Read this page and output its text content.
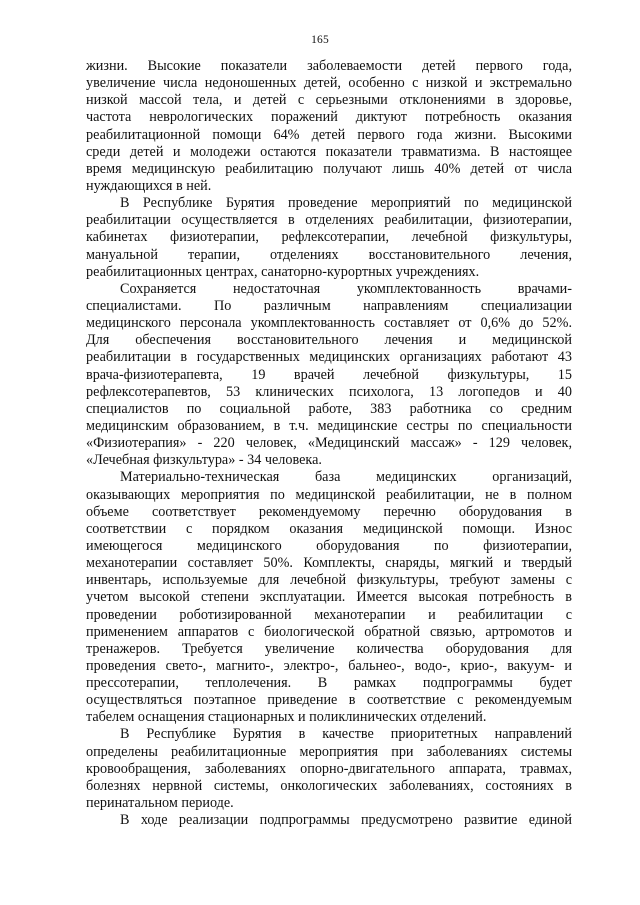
165
жизни. Высокие показатели заболеваемости детей первого года,
увеличение числа недоношенных детей, особенно с низкой и экстремально
низкой массой тела, и детей с серьезными отклонениями в здоровье,
частота неврологических поражений диктуют потребность оказания
реабилитационной помощи 64% детей первого года жизни. Высокими
среди детей и молодежи остаются показатели травматизма. В настоящее
время медицинскую реабилитацию получают лишь 40% детей от числа
нуждающихся в ней.
В Республике Бурятия проведение мероприятий по медицинской
реабилитации осуществляется в отделениях реабилитации, физиотерапии,
кабинетах физиотерапии, рефлексотерапии, лечебной физкультуры,
мануальной терапии, отделениях восстановительного лечения,
реабилитационных центрах, санаторно-курортных учреждениях.
Сохраняется недостаточная укомплектованность врачами-
специалистами. По различным направлениям специализации
медицинского персонала укомплектованность составляет от 0,6% до 52%.
Для обеспечения восстановительного лечения и медицинской
реабилитации в государственных медицинских организациях работают 43
врача-физиотерапевта, 19 врачей лечебной физкультуры, 15
рефлексотерапевтов, 53 клинических психолога, 13 логопедов и 40
специалистов по социальной работе, 383 работника со средним
медицинским образованием, в т.ч. медицинские сестры по специальности
«Физиотерапия» - 220 человек, «Медицинский массаж» - 129 человек,
«Лечебная физкультура» - 34 человека.
Материально-техническая база медицинских организаций,
оказывающих мероприятия по медицинской реабилитации, не в полном
объеме соответствует рекомендуемому перечню оборудования в
соответствии с порядком оказания медицинской помощи. Износ
имеющегося медицинского оборудования по физиотерапии,
механотерапии составляет 50%. Комплекты, снаряды, мягкий и твердый
инвентарь, используемые для лечебной физкультуры, требуют замены с
учетом высокой степени эксплуатации. Имеется высокая потребность в
проведении роботизированной механотерапии и реабилитации с
применением аппаратов с биологической обратной связью, артромотов и
тренажеров. Требуется увеличение количества оборудования для
проведения свето-, магнито-, электро-, бальнео-, водо-, крио-, вакуум- и
прессотерапии, теплолечения. В рамках подпрограммы будет
осуществляться поэтапное приведение в соответствие с рекомендуемым
табелем оснащения стационарных и поликлинических отделений.
В Республике Бурятия в качестве приоритетных направлений
определены реабилитационные мероприятия при заболеваниях системы
кровообращения, заболеваниях опорно-двигательного аппарата, травмах,
болезнях нервной системы, онкологических заболеваниях, состояниях в
перинатальном периоде.
В ходе реализации подпрограммы предусмотрено развитие единой
